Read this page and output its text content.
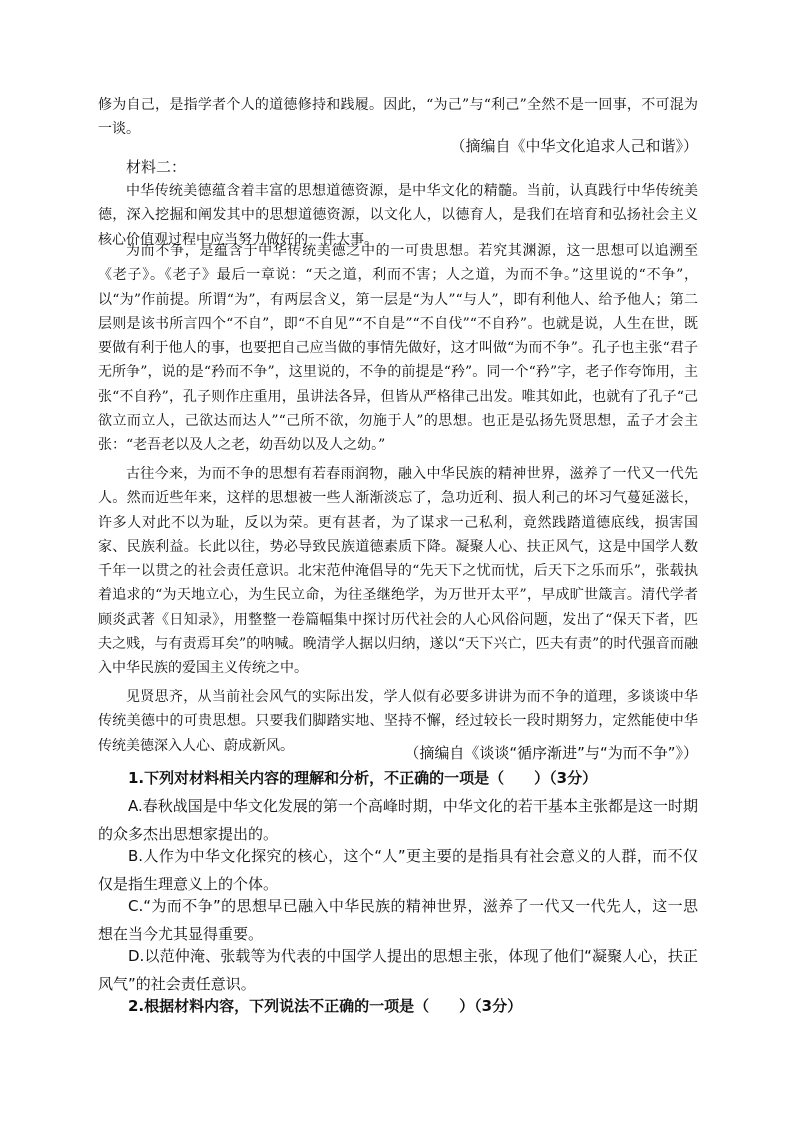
修为自己，是指学者个人的道德修持和践履。因此，“为己”与“利己”全然不是一回事，不可混为一谈。

（摘编自《中华文化追求人己和谐》）

材料二：

中华传统美德蕴含着丰富的思想道德资源，是中华文化的精髓。当前，认真践行中华传统美德，深入挖掘和阐发其中的思想道德资源，以文化人，以德育人，是我们在培育和弘扬社会主义核心价值观过程中应当努力做好的一件大事。

为而不争，是蕴含于中华传统美德之中的一可贵思想。若究其渊源，这一思想可以追溯至《老子》。《老子》最后一章说：“天之道，利而不害；人之道，为而不争。”这里说的“不争”，以“为”作前提。所谓“为”，有两层含义，第一层是“为人”“与人”，即有利他人、给予他人；第二层则是该书所言四个“不自”，即“不自见”“不自是”“不自伐”“不自矜”。也就是说，人生在世，既要做有利于他人的事，也要把自己应当做的事情先做好，这才叫做“为而不争”。孔子也主张“君子无所争”，说的是“矜而不争”，这里说的，不争的前提是“矜”。同一个“矜”字，老子作夸饰用，主张“不自矜”，孔子则作庄重用，虽讲法各异，但皆从严格律己出发。唯其如此，也就有了孔子“己欲立而立人，己欲达而达人”“己所不欲，勿施于人”的思想。也正是弘扬先贤思想，孟子才会主张：“老吾老以及人之老，幼吾幼以及人之幼。”

古往今来，为而不争的思想有若春雨润物，融入中华民族的精神世界，滋养了一代又一代先人。然而近些年来，这样的思想被一些人渐渐淡忘了，急功近利、损人利己的坏习气蔓延滋长，许多人对此不以为耻，反以为荣。更有甚者，为了谋求一己私利，竟然践踏道德底线，损害国家、民族利益。长此以往，势必导致民族道德素质下降。凝聚人心、扶正风气，这是中国学人数千年一以贯之的社会责任意识。北宋范仲淹倡导的“先天下之忧而忧，后天下之乐而乐”，张载执着追求的“为天地立心，为生民立命，为往圣继绝学，为万世开太平”，早成旷世箴言。清代学者顾炎武著《日知录》，用整整一卷篇幅集中探讨历代社会的人心风俗问题，发出了“保天下者，匹夫之贱，与有责焉耳矣”的呐喊。晚清学人据以归纳，遂以“天下兴亡，匹夫有责”的时代强音而融入中华民族的爱国主义传统之中。

见贤思齐，从当前社会风气的实际出发，学人似有必要多讲讲为而不争的道理，多谈谈中华传统美德中的可贵思想。只要我们脚踏实地、坚持不懈，经过较长一段时期努力，定然能使中华传统美德深入人心、蔚成新风。	（摘编自《谈谈“循序渐进”与“为而不争”》）

1.下列对材料相关内容的理解和分析，不正确的一项是（　　）（3分）

A.春秋战国是中华文化发展的第一个高峰时期，中华文化的若干基本主张都是这一时期的众多杰出思想家提出的。

B.人作为中华文化探究的核心，这个“人”更主要的是指具有社会意义的人群，而不仅仅是指生理意义上的个体。

C.“为而不争”的思想早已融入中华民族的精神世界，滋养了一代又一代先人，这一思想在当今尤其显得重要。

D.以范仲淹、张载等为代表的中国学人提出的思想主张，体现了他们“凝聚人心，扶正风气”的社会责任意识。

2.根据材料内容，下列说法不正确的一项是（　　）（3分）
